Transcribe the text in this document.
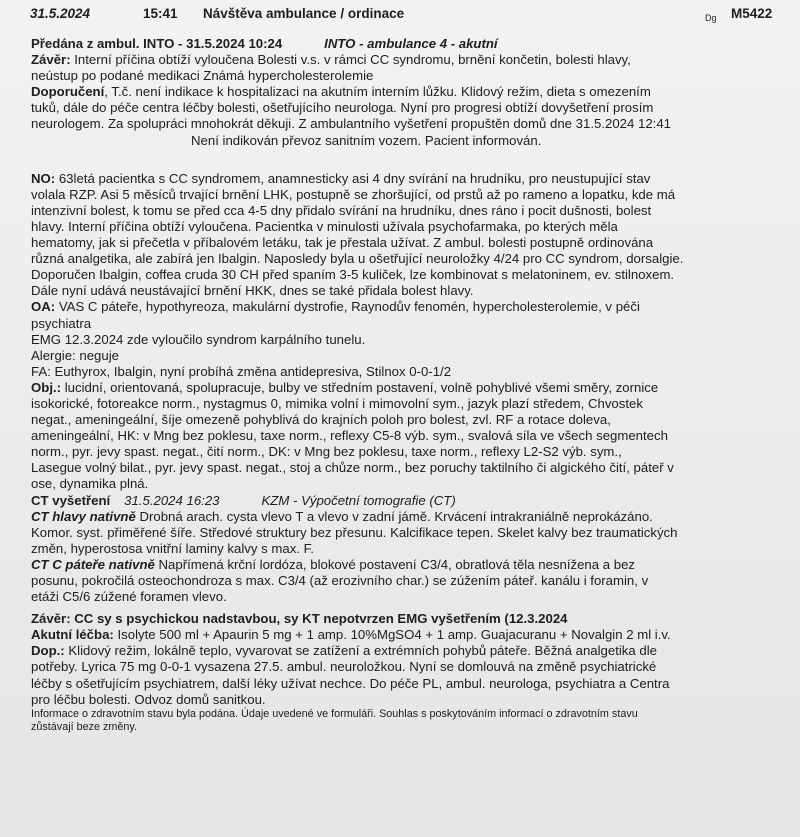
31.5.2024	15:41 Návštěva ambulance / ordinace	Dg M5422
Předána z ambul. INTO - 31.5.2024 10:24	INTO - ambulance 4 - akutní
Závěr: Interní příčina obtíží vyloučena Bolesti v.s. v rámci CC syndromu, brnění končetin, bolesti hlavy,
neústup po podané medikaci Známá hypercholesterolemie
Doporučení, T.č. není indikace k hospitalizaci na akutním interním lůžku. Klidový režim, dieta s omezením
tuků, dále do péče centra léčby bolesti, ošetřujícího neurologa. Nyní pro progresi obtíží dovyšetření prosím
neurologem. Za spolupráci mnohokrát děkuji. Z ambulantního vyšetření propuštěn domů dne 31.5.2024 12:41
Není indikován převoz sanitním vozem. Pacient informován.
NO: 63letá pacientka s CC syndromem, anamnesticky asi 4 dny svírání na hrudníku, pro neustupující stav
volala RZP. Asi 5 měsíců trvající brnění LHK, postupně se zhoršující, od prstů až po rameno a lopatku, kde má
intenzivní bolest, k tomu se před cca 4-5 dny přidalo svírání na hrudníku, dnes ráno i pocit dušnosti, bolest
hlavy. Interní příčina obtíží vyloučena. Pacientka v minulosti užívala psychofarmaka, po kterých měla
hematomy, jak si přečetla v příbalovém letáku, tak je přestala užívat. Z ambul. bolesti postupně ordinována
různá analgetika, ale zabírá jen Ibalgin. Naposledy byla u ošetřující neuroložky 4/24 pro CC syndrom, dorsalgie.
Doporučen Ibalgin, coffea cruda 30 CH před spaním 3-5 kuliček, lze kombinovat s melatoninem, ev. stilnoxem.
Dále nyní udává neustávající brnění HKK, dnes se také přidala bolest hlavy.
OA: VAS C páteře, hypothyreoza, makulární dystrofie, Raynodův fenomén, hypercholesterolemie, v péči
psychiatra
EMG 12.3.2024 zde vyloučilo syndrom karpálního tunelu.
Alergie: neguje
FA: Euthyrox, Ibalgin, nyní probíhá změna antidepresiva, Stilnox 0-0-1/2
Obj.: lucidní, orientovaná, spolupracuje, bulby ve středním postavení, volně pohyblivé všemi směry, zornice
isokorické, fotoreakce norm., nystagmus 0, mimika volní i mimovolní sym., jazyk plazí středem, Chvostek
negat., ameningeální, šíje omezeně pohyblivá do krajních poloh pro bolest, zvl. RF a rotace doleva,
ameningeální, HK: v Mng bez poklesu, taxe norm., reflexy C5-8 výb. sym., svalová síla ve všech segmentech
norm., pyr. jevy spast. negat., čití norm., DK: v Mng bez poklesu, taxe norm., reflexy L2-S2 výb. sym.,
Lasegue volný bilat., pyr. jevy spast. negat., stoj a chůze norm., bez poruchy taktilního či algického čití, páteř v
ose, dynamika plná.
CT vyšetření 31.5.2024 16:23	KZM - Výpočetní tomografie (CT)
CT hlavy nativně Drobná arach. cysta vlevo T a vlevo v zadní jámě. Krvácení intrakraniálně neprokázáno.
Komor. syst. přiměřené šíře. Středové struktury bez přesunu. Kalcifikace tepen. Skelet kalvy bez traumatických
změn, hyperostosa vnitřní laminy kalvy s max. F.
CT C páteře nativně Napřímená krční lordóza, blokové postavení C3/4, obratlová těla nesnížena a bez
posunu, pokročilá osteochondroza s max. C3/4 (až erozivního char.) se zúžením páteř. kanálu i foramin, v
etáži C5/6 zúžené foramen vlevo.
Závěr: CC sy s psychickou nadstavbou, sy KT nepotvrzen EMG vyšetřením (12.3.2024
Akutní léčba: Isolyte 500 ml + Apaurin 5 mg + 1 amp. 10%MgSO4 + 1 amp. Guajacuranu + Novalgin 2 ml i.v.
Dop.: Klidový režim, lokálně teplo, vyvarovat se zatížení a extrémních pohybů páteře. Běžná analgetika dle
potřeby. Lyrica 75 mg 0-0-1 vysazena 27.5. ambul. neuroložkou. Nyní se domlouvá na změně psychiatrické
léčby s ošetřujícím psychiatrem, další léky užívat nechce. Do péče PL, ambul. neurologa, psychiatra a Centra
pro léčbu bolesti. Odvoz domů sanitkou.
Informace o zdravotním stavu byla podána. Údaje uvedené ve formuláři. Souhlas s poskytováním informací o zdravotním stavu
zůstávají beze změny.
